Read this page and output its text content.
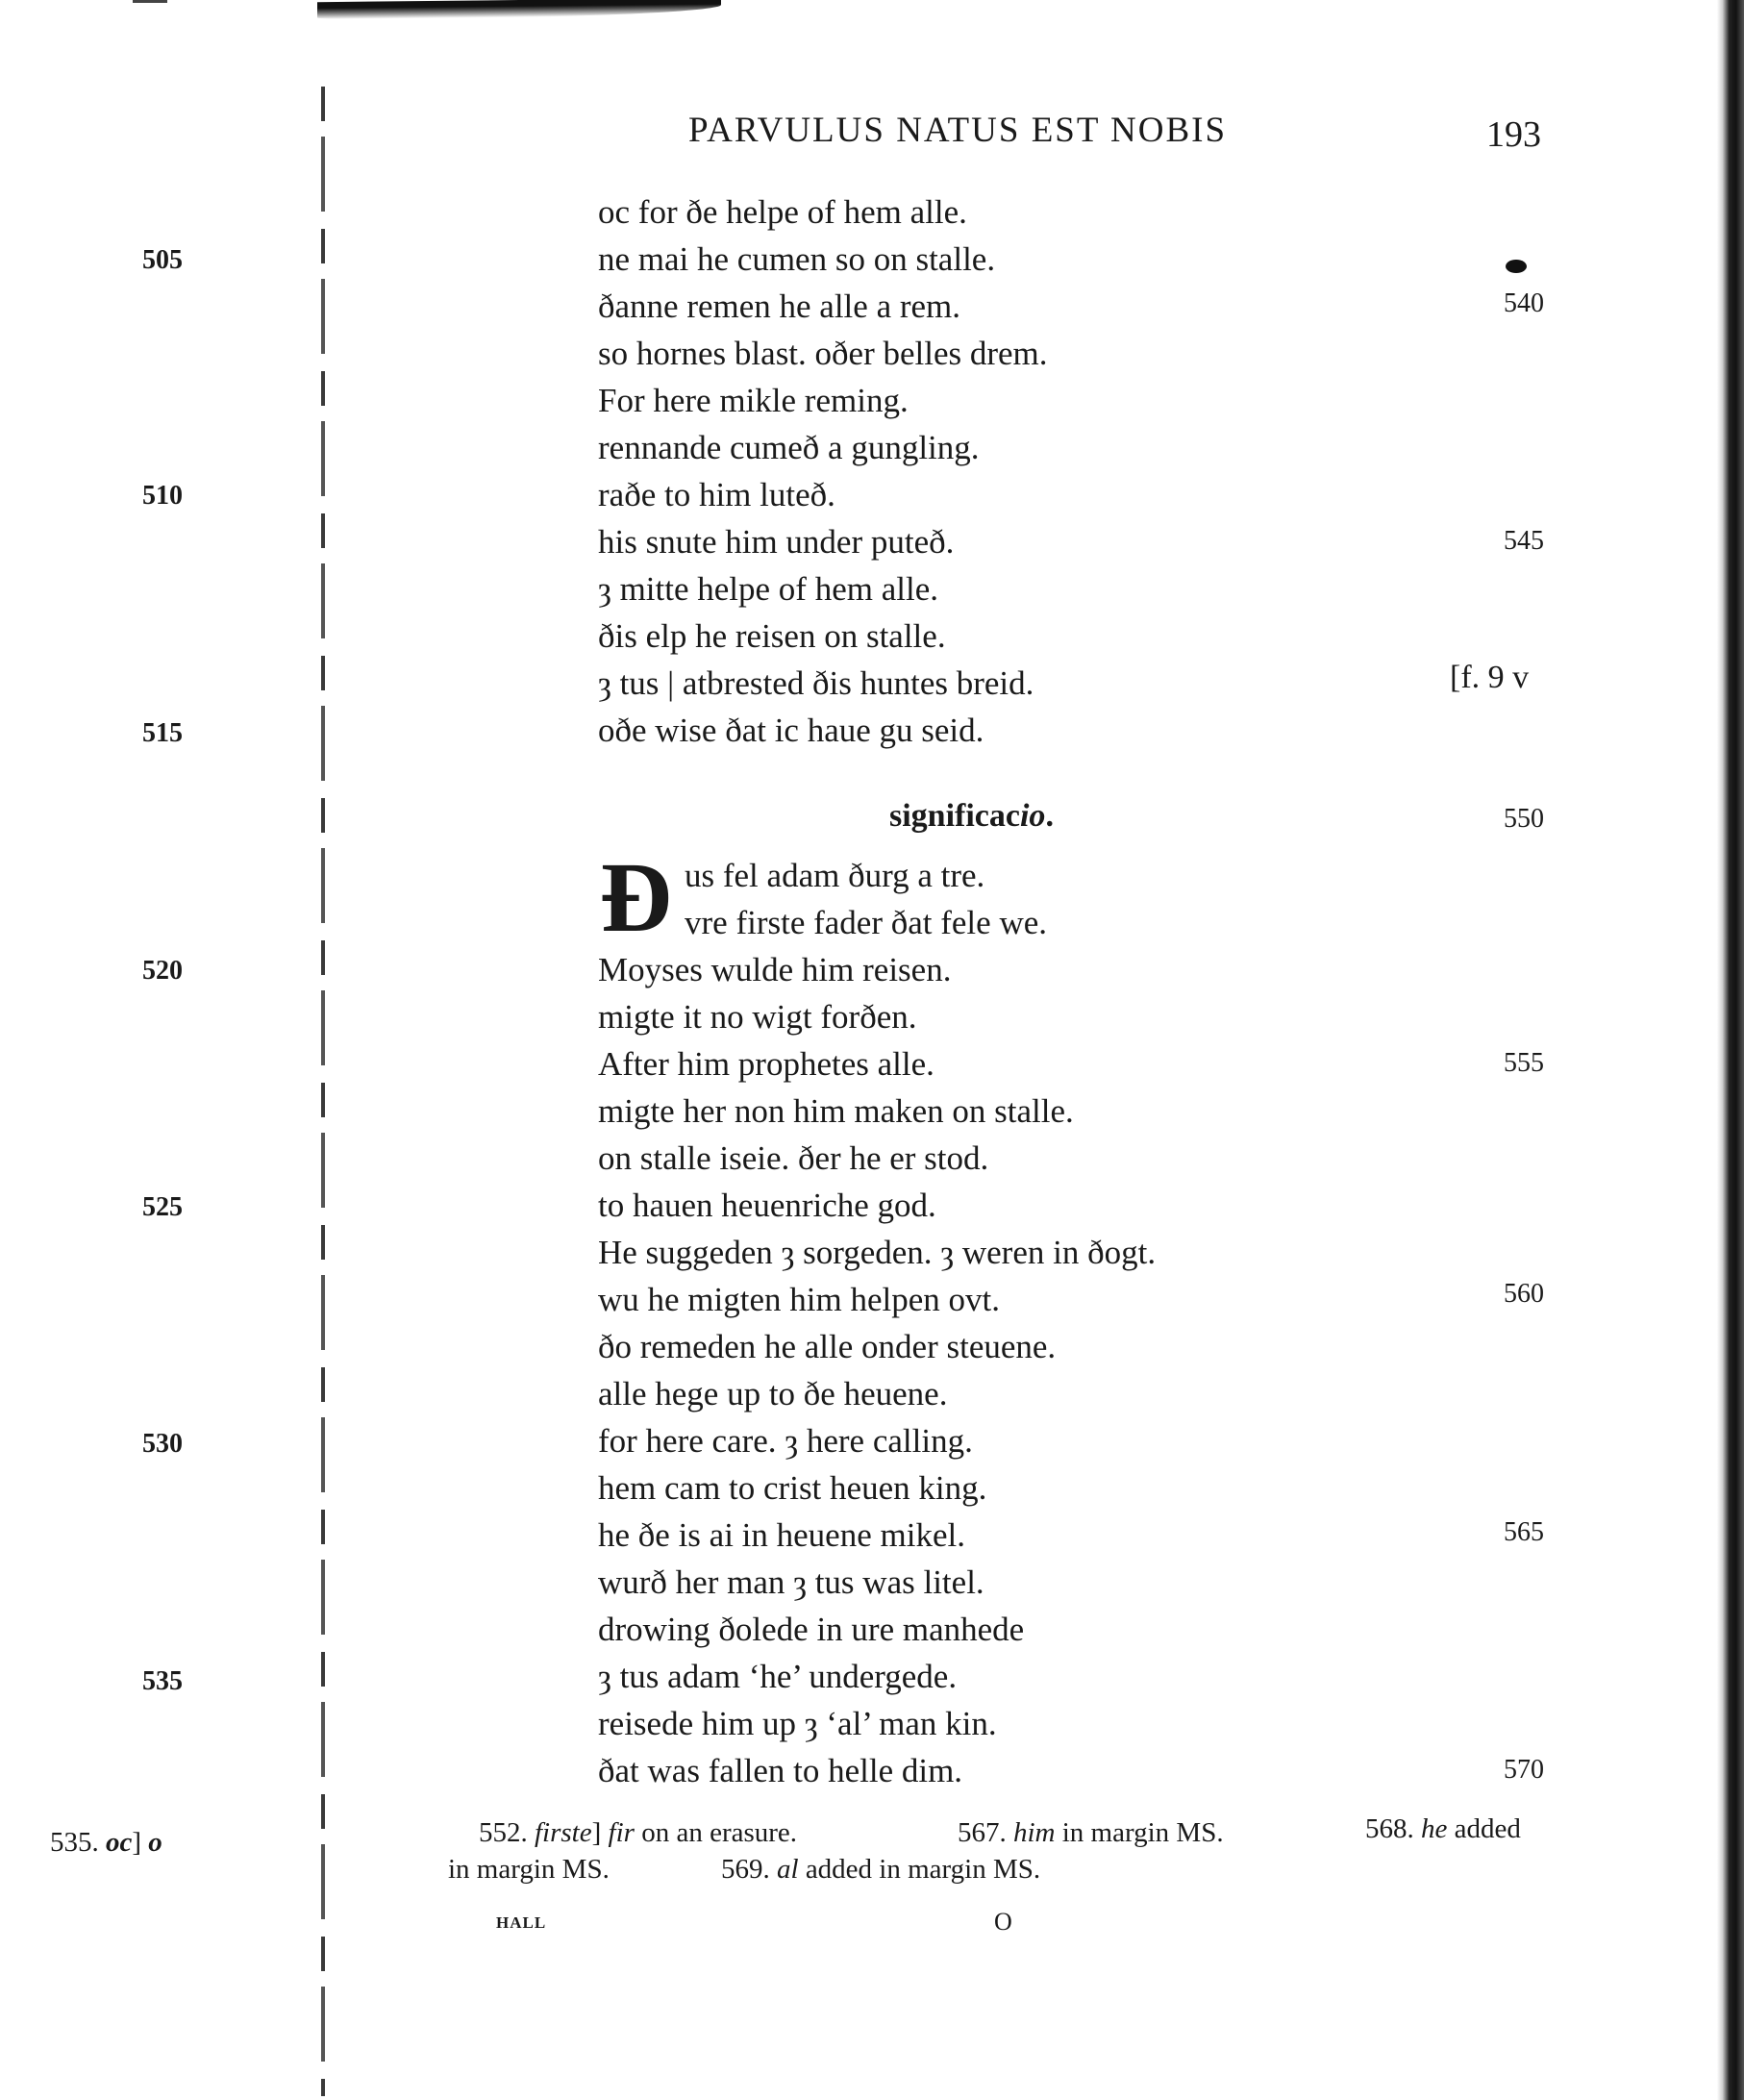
PARVULUS NATUS EST NOBIS	193
oc for ðe helpe of hem alle.
ne mai he cumen so on stalle.
ðanne remen he alle a rem.
so hornes blast. oðer belles drem.
For here mikle reming.
rennande cumeð a gungling.
raðe to him luteð.
his snute him under puteð.
ȝ mitte helpe of hem alle.
ðis elp he reisen on stalle.
ȝ tus | atbrested ðis huntes breid.
oðe wise ðat ic haue gu seid.
significacio.
Ð us fel adam ðurg a tre.
vre firste fader ðat fele we.
Moyses wulde him reisen.
migte it no wigt forðen.
After him prophetes alle.
migte her non him maken on stalle.
on stalle iseie. ðer he er stod.
to hauen heuenriche god.
He suggeden ȝ sorgeden. ȝ weren in ðogt.
wu he migten him helpen ovt.
ðo remeden he alle onder steuene.
alle hege up to ðe heuene.
for here care. ȝ here calling.
hem cam to crist heuen king.
he ðe is ai in heuene mikel.
wurð her man ȝ tus was litel.
drowing ðolede in ure manhede
ȝ tus adam ‘he’ undergede.
reisede him up ȝ ‘al’ man kin.
ðat was fallen to helle dim.
505
510
515
520
525
530
535
540
545
550
555
560
565
570
[f. 9 v
552. firste] fir on an erasure.	567. him in margin MS.	568. he added
in margin MS.	569. al added in margin MS.
535. oc] o
HALL	O
